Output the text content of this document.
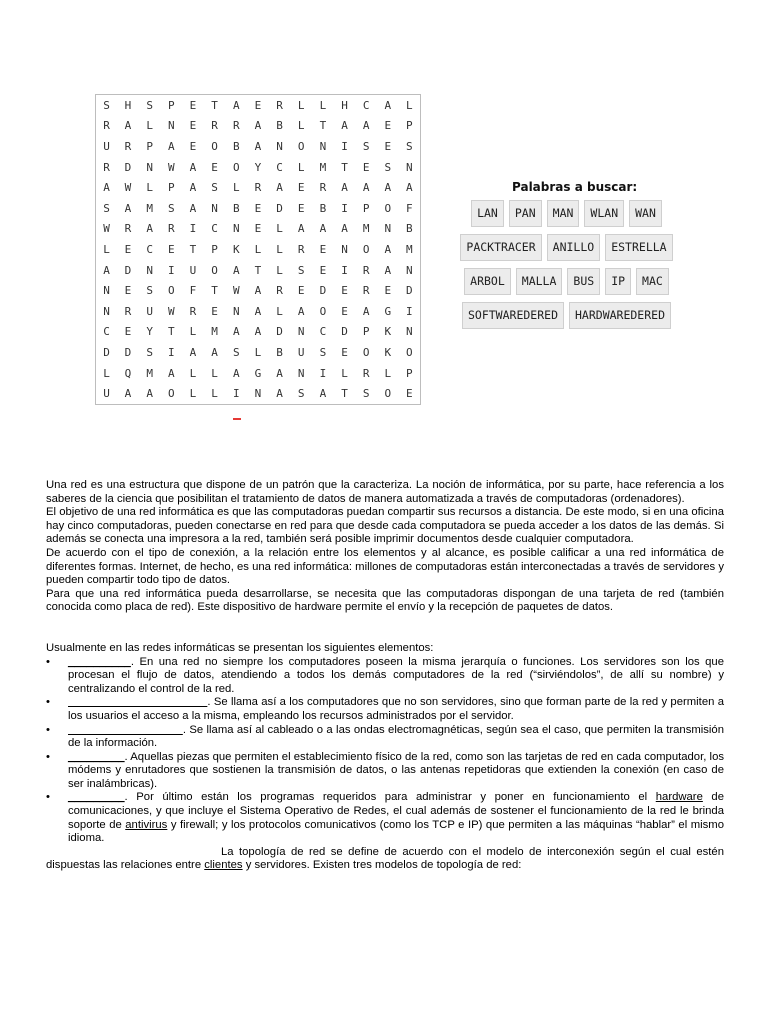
S	H	S	P	E	T	A	E	R	L	L	H	C	A	L
R	A	L	N	E	R	R	A	B	L	T	A	A	E	P
U	R	P	A	E	O	B	A	N	O	N	I	S	E	S
R	D	N	W	A	E	O	Y	C	L	M	T	E	S	N
A	W	L	P	A	S	L	R	A	E	R	A	A	A	A
S	A	M	S	A	N	B	E	D	E	B	I	P	O	F
W	R	A	R	I	C	N	E	L	A	A	A	M	N	B
L	E	C	E	T	P	K	L	L	R	E	N	O	A	M
A	D	N	I	U	O	A	T	L	S	E	I	R	A	N
N	E	S	O	F	T	W	A	R	E	D	E	R	E	D
N	R	U	W	R	E	N	A	L	A	O	E	A	G	I
C	E	Y	T	L	M	A	A	D	N	C	D	P	K	N
D	D	S	I	A	A	S	L	B	U	S	E	O	K	O
L	Q	M	A	L	L	A	G	A	N	I	L	R	L	P
U	A	A	O	L	L	I	N	A	S	A	T	S	O	E
Palabras a buscar:
LAN	PAN	MAN	WLAN	WAN
PACKTRACER	ANILLO	ESTRELLA
ARBOL	MALLA	BUS	IP	MAC
SOFTWAREDERED	HARDWAREDERED

Una red es una estructura que dispone de un patrón que la caracteriza. La noción de informática, por su parte, hace referencia a los saberes de la ciencia que posibilitan el tratamiento de datos de manera automatizada a través de computadoras (ordenadores).

El objetivo de una red informática es que las computadoras puedan compartir sus recursos a distancia. De este modo, si en una oficina hay cinco computadoras, pueden conectarse en red para que desde cada computadora se pueda acceder a los datos de las demás. Si además se conecta una impresora a la red, también será posible imprimir documentos desde cualquier computadora.

De acuerdo con el tipo de conexión, a la relación entre los elementos y al alcance, es posible calificar a una red informática de diferentes formas. Internet, de hecho, es una red informática: millones de computadoras están interconectadas a través de servidores y pueden compartir todo tipo de datos.

Para que una red informática pueda desarrollarse, se necesita que las computadoras dispongan de una tarjeta de red (también conocida como placa de red). Este dispositivo de hardware permite el envío y la recepción de paquetes de datos.

Usualmente en las redes informáticas se presentan los siguientes elementos:

•	__________. En una red no siempre los computadores poseen la misma jerarquía o funciones. Los servidores son los que procesan el flujo de datos, atendiendo a todos los demás computadores de la red (“sirviéndolos”, de allí su nombre) y centralizando el control de la red.
•	. Se llama así a los computadores que no son servidores, sino que forman parte de la red y permiten a los usuarios el acceso a la misma, empleando los recursos administrados por el servidor.
•	. Se llama así al cableado o a las ondas electromagnéticas, según sea el caso, que permiten la transmisión de la información.
•	_________. Aquellas piezas que permiten el establecimiento físico de la red, como son las tarjetas de red en cada computador, los módems y enrutadores que sostienen la transmisión de datos, o las antenas repetidoras que extienden la conexión (en caso de ser inalámbricas).
•	_________. Por último están los programas requeridos para administrar y poner en funcionamiento el hardware de comunicaciones, y que incluye el Sistema Operativo de Redes, el cual además de sostener el funcionamiento de la red le brinda soporte de antivirus y firewall; y los protocolos comunicativos (como los TCP e IP) que permiten a las máquinas “hablar” el mismo idioma.

La topología de red se define de acuerdo con el modelo de interconexión según el cual estén dispuestas las relaciones entre clientes y servidores. Existen tres modelos de topología de red:
